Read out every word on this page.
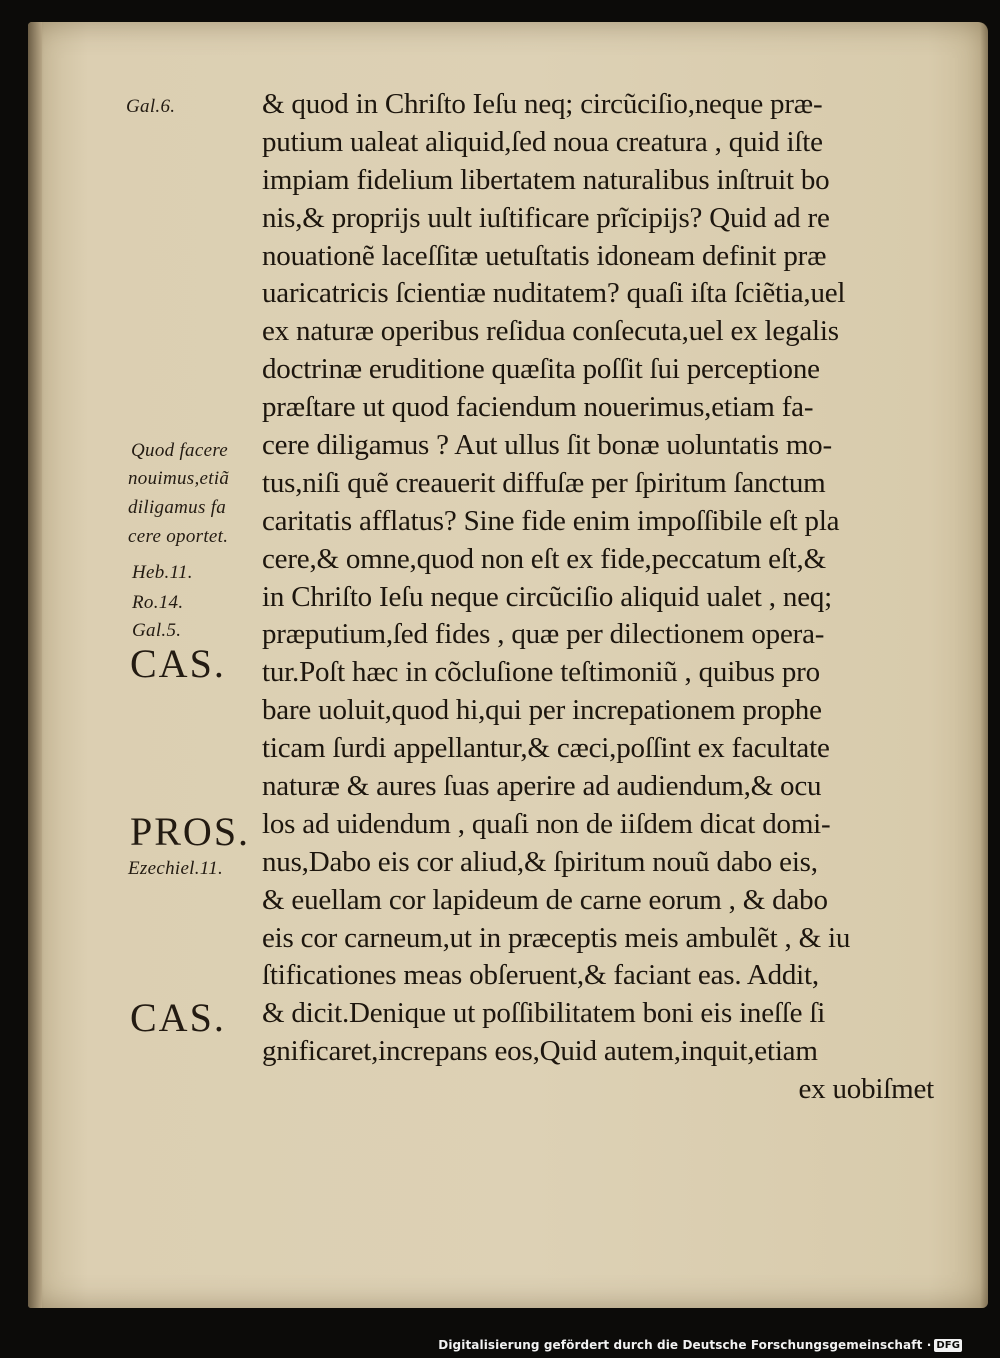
Gal.6.
Quod facere
nouimus,etiã
diligamus fa
cere oportet.
Heb.11.
Ro.14.
Gal.5.
CAS.
PROS.
Ezechiel.11.
CAS.
& quod in Chriſto Ieſu neq; circũciſio,neque præ-
putium ualeat aliquid,ſed noua creatura , quid iſte
impiam fidelium libertatem naturalibus inſtruit bo
nis,& proprijs uult iuſtificare prĩcipijs? Quid ad re
nouationẽ laceſſitæ uetuſtatis idoneam definit præ
uaricatricis ſcientiæ nuditatem? quaſi iſta ſciẽtia,uel
ex naturæ operibus reſidua conſecuta,uel ex legalis
doctrinæ eruditione quæſita poſſit ſui perceptione
præſtare ut quod faciendum nouerimus,etiam fa-
cere diligamus ? Aut ullus ſit bonæ uoluntatis mo-
tus,niſi quẽ creauerit diffuſæ per ſpiritum ſanctum
caritatis afflatus? Sine fide enim impoſſibile eſt pla
cere,& omne,quod non eſt ex fide,peccatum eſt,&
in Chriſto Ieſu neque circũciſio aliquid ualet , neq;
præputium,ſed fides , quæ per dilectionem opera-
tur.Poſt hæc in cõcluſione teſtimoniũ , quibus pro
bare uoluit,quod hi,qui per increpationem prophe
ticam ſurdi appellantur,& cæci,poſſint ex facultate
naturæ & aures ſuas aperire ad audiendum,& ocu
los ad uidendum , quaſi non de iiſdem dicat domi-
nus,Dabo eis cor aliud,& ſpiritum nouũ dabo eis,
& euellam cor lapideum de carne eorum , & dabo
eis cor carneum,ut in præceptis meis ambulẽt , & iu
ſtificationes meas obſeruent,& faciant eas. Addit,
& dicit.Denique ut poſſibilitatem boni eis ineſſe ſi
gnificaret,increpans eos,Quid autem,inquit,etiam
ex uobiſmet
Digitalisierung gefördert durch die Deutsche Forschungsgemeinschaft · DFG
